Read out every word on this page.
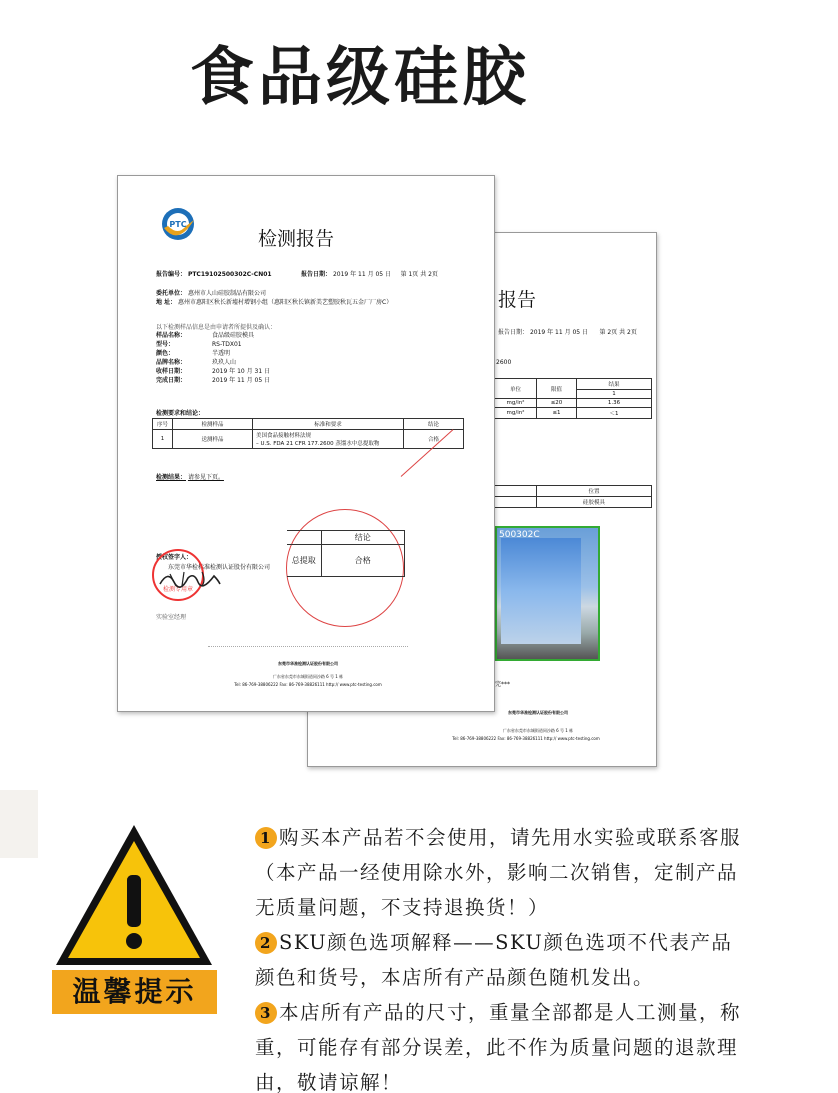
食品级硅胶
报告
报告日期： 2019 年 11 月 05 日 第 2页 共 2页
2600
单位	限值	结果
		1
mg/in²	≤20	1.36
mg/in²	≤1	＜1
	位置
	硅胶模具
500302C
完***
东莞市华准检测认证股份有限公司
广东省东莞市东城街道同沙路 6 号 1 栋
Tel: 86-769-38806222 Fax: 86-769-38826111 http:// www.ptc-testing.com
PTC
检测报告
报告编号： PTC19102500302C-CN01	报告日期： 2019 年 11 月 05 日 第 1页 共 2页
委托单位： 惠州市人山硅胶制品有限公司
地 址： 惠州市惠阳区秋长新墟村增钢小组（惠阳区秋长镇新美艺塑胶秋瓦五金厂厂房C）
以下检测样品信息是由申请者所提供及确认：
样品名称：	食品级硅胶模具
型号：	RS-TDX01
颜色：	半透明
品牌名称：	玖玖人山
收样日期：	2019 年 10 月 31 日
完成日期：	2019 年 11 月 05 日
检测要求和结论：
序号	检测样品	标准和要求	结论
1	送测样品	美国食品接触材料法规
– U.S. FDA 21 CFR 177.2600 蒸馏水中总提取物	合格
检测结果： 请参见下页。
授权签字人：
东莞市华检标准检测认证股份有限公司
检测专用章
实验室经理
	结论
总提取	合格
东莞市华准检测认证股份有限公司
广东省东莞市东城街道同沙路 6 号 1 栋
Tel: 86-769-38806222 Fax: 86-769-38826111 http:// www.ptc-testing.com
温馨提示
1 购买本产品若不会使用，请先用水实验或联系客服（本产品一经使用除水外，影响二次销售，定制产品无质量问题，不支持退换货！）
2 SKU颜色选项解释——SKU颜色选项不代表产品颜色和货号，本店所有产品颜色随机发出。
3 本店所有产品的尺寸，重量全部都是人工测量，称重，可能存有部分误差，此不作为质量问题的退款理由，敬请谅解！
